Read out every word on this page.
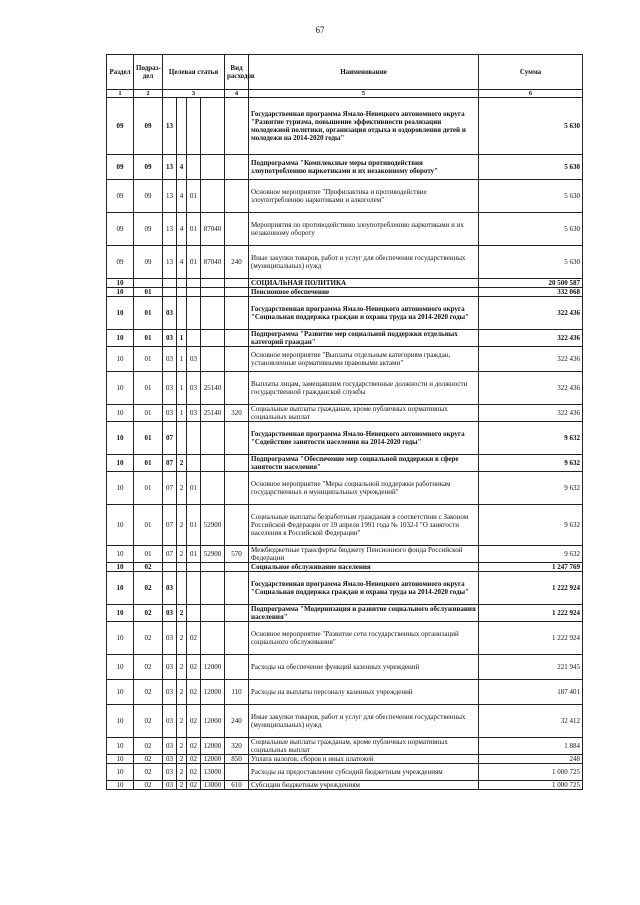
67
Раздел	Подраз-дел	Целевая статья				Вид расходов	Наименование	Сумма
1	2	3				4	5	6
09	09	13					Государственная программа Ямало-Ненецкого автономного округа "Развитие туризма, повышение эффективности реализации молодежной политики, организация отдыха и оздоровления детей и молодежи на 2014-2020 годы"	5 630
09	09	13	4				Подпрограмма "Комплексные меры противодействия злоупотреблению наркотиками и их незаконному обороту"	5 630
09	09	13	4	01			Основное мероприятие "Профилактика и противодействие злоупотреблению наркотиками и алкоголем"	5 630
09	09	13	4	01	87040		Мероприятия по противодействию злоупотреблению наркотиками и их незаконному обороту	5 630
09	09	13	4	01	87040	240	Иные закупки товаров, работ и услуг для обеспечения государственных (муниципальных) нужд	5 630
10							СОЦИАЛЬНАЯ ПОЛИТИКА	20 500 587
10	01						Пенсионное обеспечение	332 068
10	01	03					Государственная программа Ямало-Ненецкого автономного округа "Социальная поддержка граждан и охрана труда на 2014-2020 годы"	322 436
10	01	03	1				Подпрограмма "Развитие мер социальной поддержки отдельных категорий граждан"	322 436
10	01	03	1	03			Основное мероприятие "Выплаты отдельным категориям граждан, установленные нормативными правовыми актами"	322 436
10	01	03	1	03	25140		Выплаты лицам, замещавшим государственные должности и должности государственной гражданской службы	322 436
10	01	03	1	03	25140	320	Социальные выплаты гражданам, кроме публичных нормативных социальных выплат	322 436
10	01	07					Государственная программа Ямало-Ненецкого автономного округа "Содействие занятости населения на 2014-2020 годы"	9 632
10	01	07	2				Подпрограмма "Обеспечение мер социальной поддержки в сфере занятости населения"	9 632
10	01	07	2	01			Основное мероприятие "Меры социальной поддержки работникам государственных и муниципальных учреждений"	9 632
10	01	07	2	01	52900		Социальные выплаты безработным гражданам в соответствии с Законом Российской Федерации от 19 апреля 1991 года № 1032-I "О занятости населения в Российской Федерации"	9 632
10	01	07	2	01	52900	570	Межбюджетные трансферты бюджету Пенсионного фонда Российской Федерации	9 632
10	02						Социальное обслуживание населения	1 247 769
10	02	03					Государственная программа Ямало-Ненецкого автономного округа "Социальная поддержка граждан и охрана труда на 2014-2020 годы"	1 222 924
10	02	03	2				Подпрограмма "Модернизация и развитие социального обслуживания населения"	1 222 924
10	02	03	2	02			Основное мероприятие "Развитие сети государственных организаций социального обслуживания"	1 222 924
10	02	03	2	02	12000		Расходы на обеспечение функций казенных учреждений	221 945
10	02	03	2	02	12000	110	Расходы на выплаты персоналу казенных учреждений	187 401
10	02	03	2	02	12000	240	Иные закупки товаров, работ и услуг для обеспечения государственных (муниципальных) нужд	32 412
10	02	03	2	02	12000	320	Социальные выплаты гражданам, кроме публичных нормативных социальных выплат	1 884
10	02	03	2	02	12000	850	Уплата налогов, сборов и иных платежей	248
10	02	03	2	02	13000		Расходы на предоставление субсидий бюджетным учреждениям	1 000 725
10	02	03	2	02	13000	610	Субсидии бюджетным учреждениям	1 000 725
